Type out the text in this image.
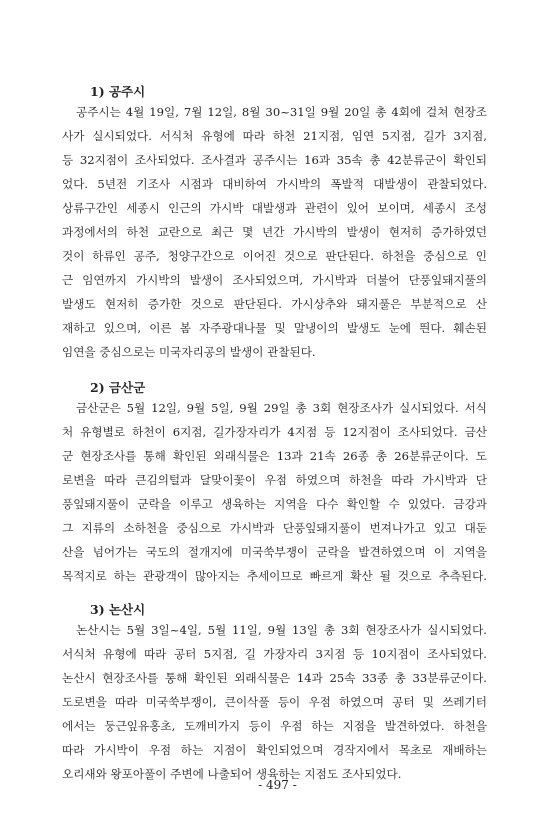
1) 공주시
공주시는 4월 19일, 7월 12일, 8월 30~31일 9월 20일 총 4회에 걸쳐 현장조
사가 실시되었다. 서식처 유형에 따라 하천 21지점, 임연 5지점, 길가 3지점,
등 32지점이 조사되었다. 조사결과 공주시는 16과 35속 총 42분류군이 확인되
었다. 5년전 기조사 시점과 대비하여 가시박의 폭발적 대발생이 관찰되었다.
상류구간인 세종시 인근의 가시박 대발생과 관련이 있어 보이며, 세종시 조성
과정에서의 하천 교란으로 최근 몇 년간 가시박의 발생이 현저히 증가하였던
것이 하류인 공주, 청양구간으로 이어진 것으로 판단된다. 하천을 중심으로 인
근 임연까지 가시박의 발생이 조사되었으며, 가시박과 더불어 단풍잎돼지풀의
발생도 현저히 증가한 것으로 판단된다. 가시상추와 돼지풀은 부분적으로 산
재하고 있으며, 이른 봄 자주광대나물 및 말냉이의 발생도 눈에 띈다. 훼손된
임연을 중심으로는 미국자리공의 발생이 관찰된다.
2) 금산군
금산군은 5월 12일, 9월 5일, 9월 29일 총 3회 현장조사가 실시되었다. 서식
처 유형별로 하천이 6지점, 길가장자리가 4지점 등 12지점이 조사되었다. 금산
군 현장조사를 통해 확인된 외래식물은 13과 21속 26종 총 26분류군이다. 도
로변을 따라 큰김의털과 달맞이꽃이 우점 하였으며 하천을 따라 가시박과 단
풍잎돼지풀이 군락을 이루고 생육하는 지역을 다수 확인할 수 있었다. 금강과
그 지류의 소하천을 중심으로 가시박과 단풍잎돼지풀이 번져나가고 있고 대둔
산을 넘어가는 국도의 절개지에 미국쑥부쟁이 군락을 발견하였으며 이 지역을
목적지로 하는 관광객이 많아지는 추세이므로 빠르게 확산 될 것으로 추측된다.
3) 논산시
논산시는 5월 3일~4일, 5월 11일, 9월 13일 총 3회 현장조사가 실시되었다.
서식처 유형에 따라 공터 5지점, 길 가장자리 3지점 등 10지점이 조사되었다.
논산시 현장조사를 통해 확인된 외래식물은 14과 25속 33종 총 33분류군이다.
도로변을 따라 미국쑥부쟁이, 큰이삭풀 등이 우점 하였으며 공터 및 쓰레기터
에서는 둥근잎유홍초, 도깨비가지 등이 우점 하는 지점을 발견하였다. 하천을
따라 가시박이 우점 하는 지점이 확인되었으며 경작지에서 목초로 재배하는
오리새와 왕포아풀이 주변에 나출되어 생육하는 지점도 조사되었다.
- 497 -
